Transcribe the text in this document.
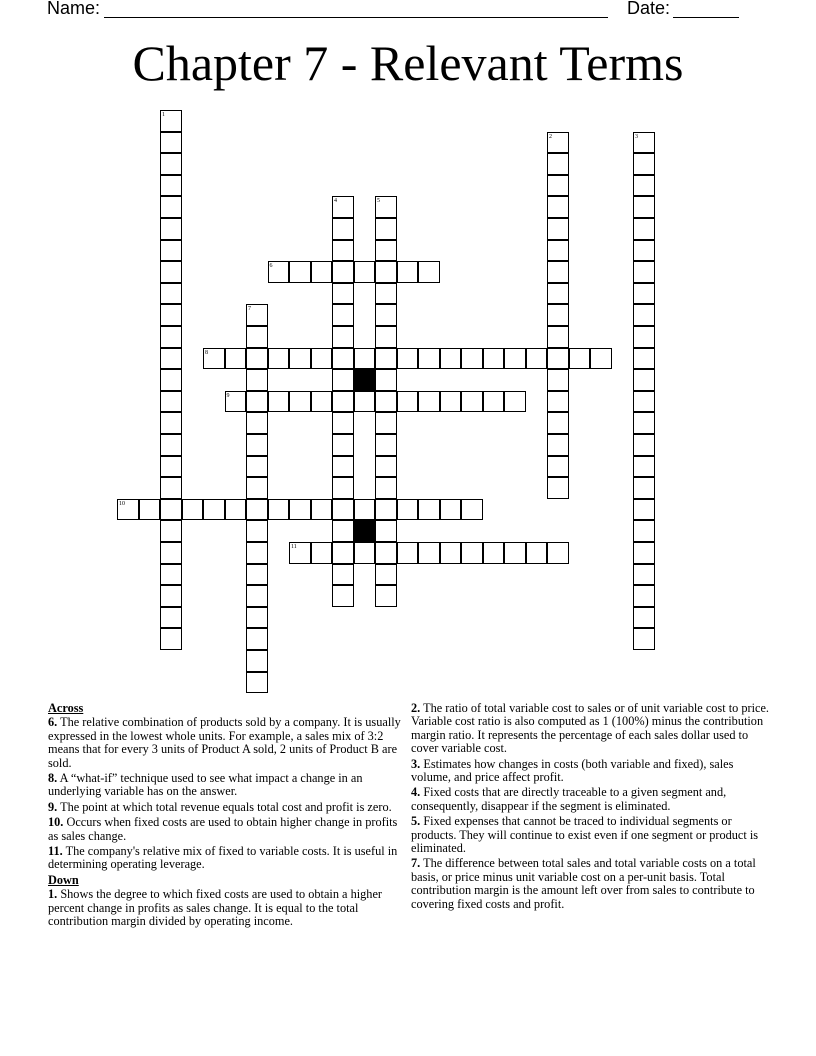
Name:	Date:
Chapter 7 - Relevant Terms
1
2	3
4	5
6
7
8
9
10
11
Across
6. The relative combination of products sold by a company. It is usually expressed in the lowest whole units. For example, a sales mix of 3:2 means that for every 3 units of Product A sold, 2 units of Product B are sold.
8. A “what-if” technique used to see what impact a change in an underlying variable has on the answer.
9. The point at which total revenue equals total cost and profit is zero.
10. Occurs when fixed costs are used to obtain higher change in profits as sales change.
11. The company's relative mix of fixed to variable costs. It is useful in determining operating leverage.
Down
1. Shows the degree to which fixed costs are used to obtain a higher percent change in profits as sales change. It is equal to the total contribution margin divided by operating income.
2. The ratio of total variable cost to sales or of unit variable cost to price. Variable cost ratio is also computed as 1 (100%) minus the contribution margin ratio. It represents the percentage of each sales dollar used to cover variable cost.
3. Estimates how changes in costs (both variable and fixed), sales volume, and price affect profit.
4. Fixed costs that are directly traceable to a given segment and, consequently, disappear if the segment is eliminated.
5. Fixed expenses that cannot be traced to individual segments or products. They will continue to exist even if one segment or product is eliminated.
7. The difference between total sales and total variable costs on a total basis, or price minus unit variable cost on a per-unit basis. Total contribution margin is the amount left over from sales to contribute to covering fixed costs and profit.
